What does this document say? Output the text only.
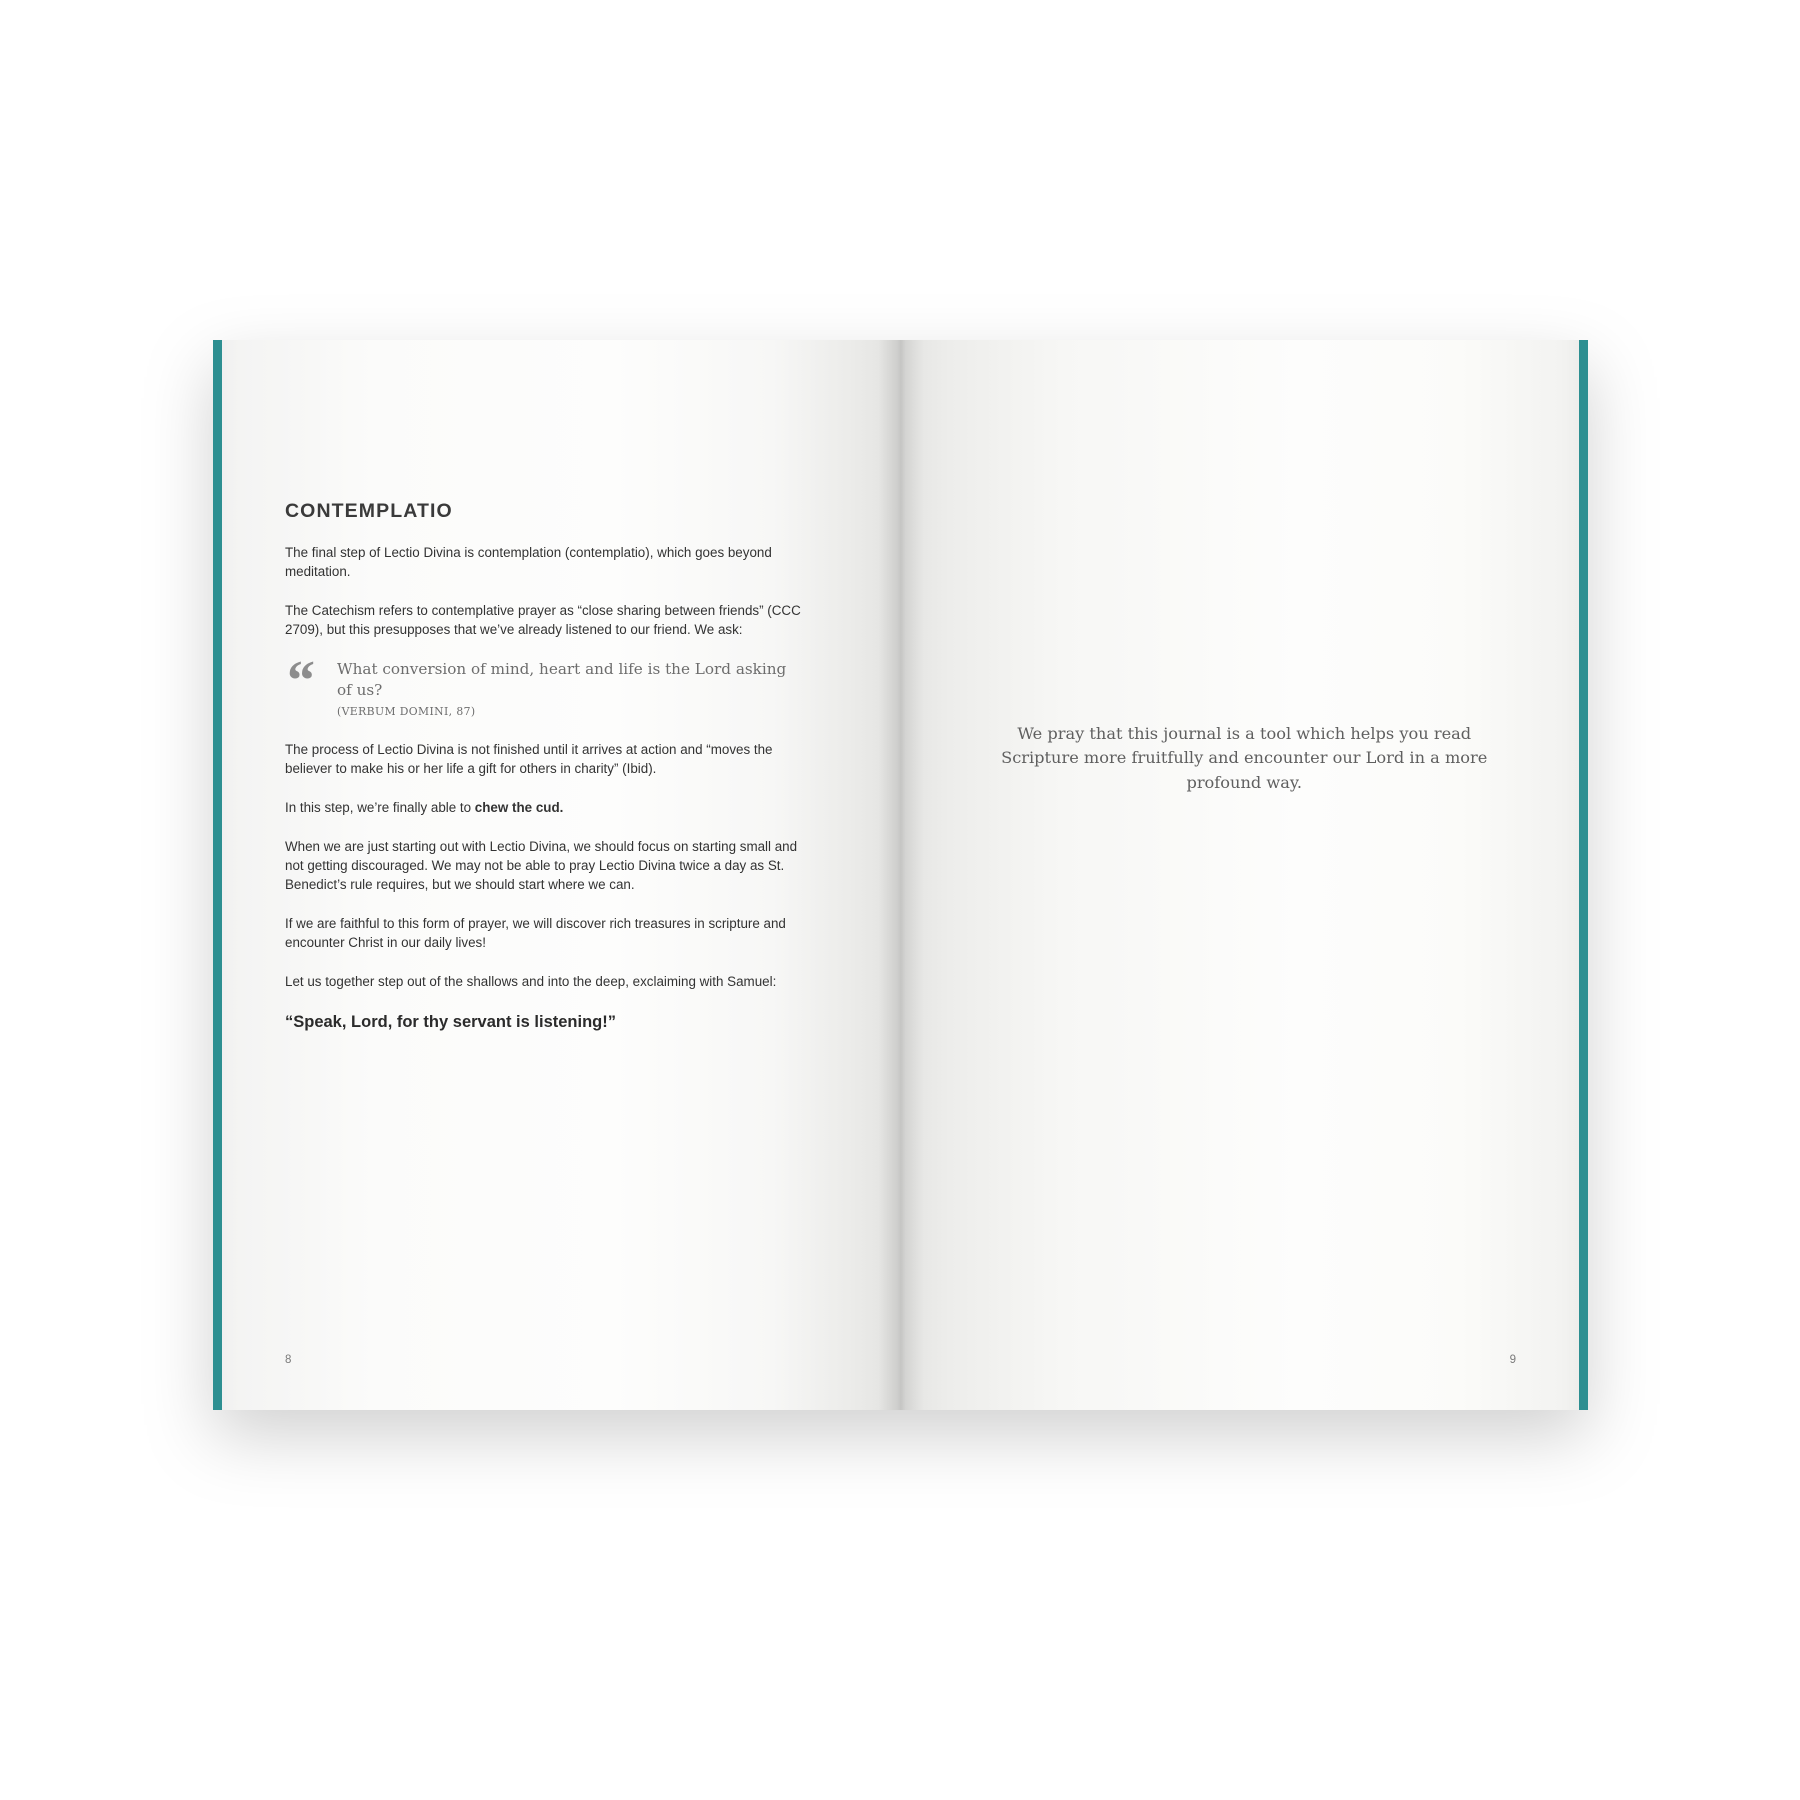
CONTEMPLATIO

The final step of Lectio Divina is contemplation (contemplatio), which goes beyond meditation.

The Catechism refers to contemplative prayer as “close sharing between friends” (CCC 2709), but this presupposes that we’ve already listened to our friend. We ask:

“ What conversion of mind, heart and life is the Lord asking of us?

(VERBUM DOMINI, 87)

The process of Lectio Divina is not finished until it arrives at action and “moves the believer to make his or her life a gift for others in charity” (Ibid).

In this step, we’re finally able to chew the cud.

When we are just starting out with Lectio Divina, we should focus on starting small and not getting discouraged. We may not be able to pray Lectio Divina twice a day as St. Benedict’s rule requires, but we should start where we can.

If we are faithful to this form of prayer, we will discover rich treasures in scripture and encounter Christ in our daily lives!

Let us together step out of the shallows and into the deep, exclaiming with Samuel:

“Speak, Lord, for thy servant is listening!”

8

We pray that this journal is a tool which helps you read Scripture more fruitfully and encounter our Lord in a more profound way.

9
